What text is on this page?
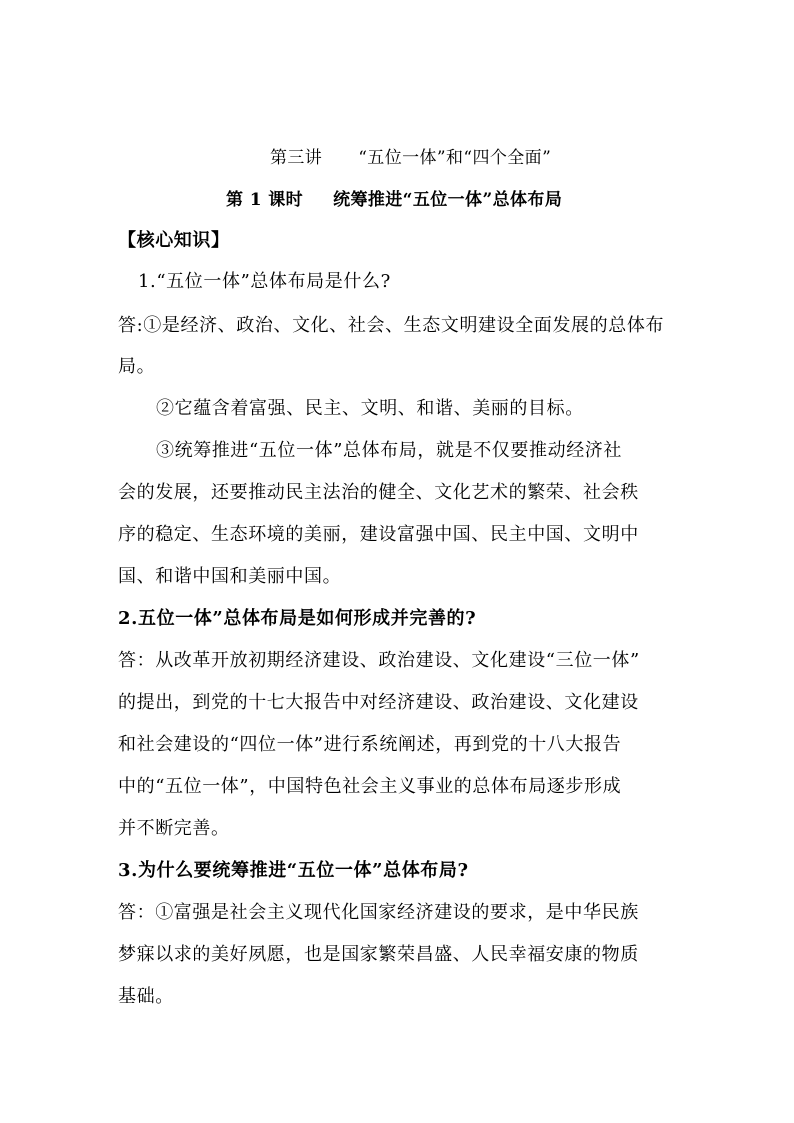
第三讲 “五位一体”和“四个全面”
第 1 课时 统筹推进“五位一体”总体布局
【核心知识】
1.“五位一体”总体布局是什么?
答:①是经济、政治、文化、社会、生态文明建设全面发展的总体布
局。
②它蕴含着富强、民主、文明、和谐、美丽的目标。
③统筹推进“五位一体”总体布局，就是不仅要推动经济社
会的发展，还要推动民主法治的健全、文化艺术的繁荣、社会秩
序的稳定、生态环境的美丽，建设富强中国、民主中国、文明中
国、和谐中国和美丽中国。
2.五位一体”总体布局是如何形成并完善的?
答：从改革开放初期经济建设、政治建设、文化建设“三位一体”
的提出，到党的十七大报告中对经济建设、政治建设、文化建设
和社会建设的“四位一体”进行系统阐述，再到党的十八大报告
中的“五位一体”，中国特色社会主义事业的总体布局逐步形成
并不断完善。
3.为什么要统筹推进“五位一体”总体布局?
答：①富强是社会主义现代化国家经济建设的要求，是中华民族
梦寐以求的美好夙愿，也是国家繁荣昌盛、人民幸福安康的物质
基础。
